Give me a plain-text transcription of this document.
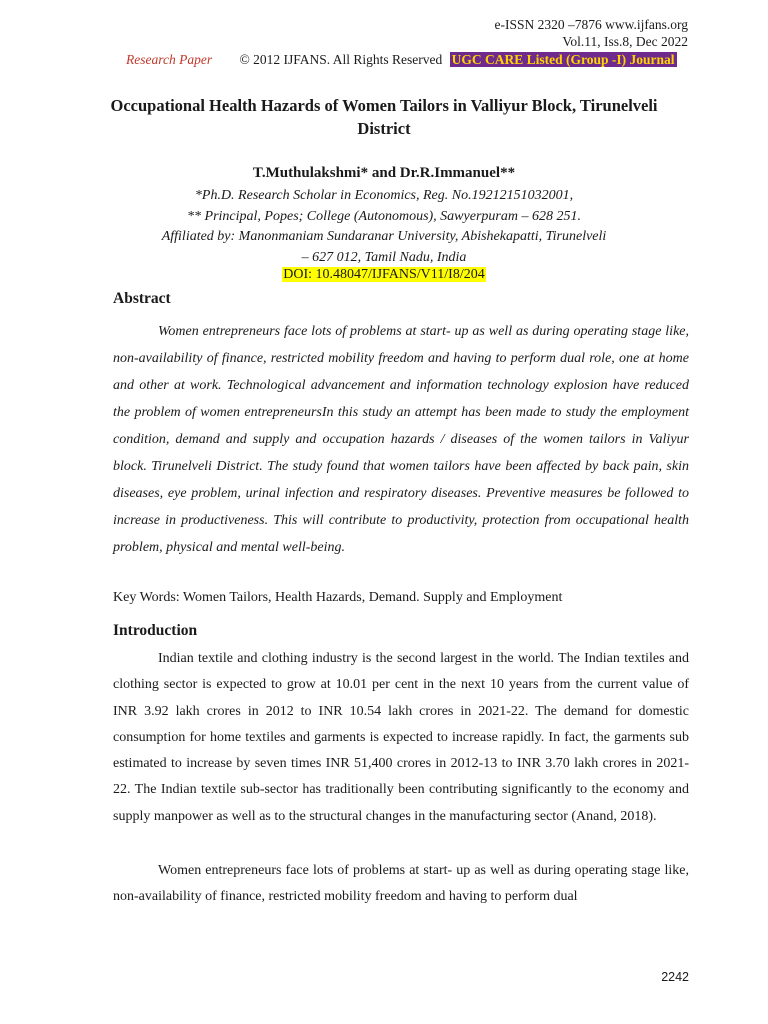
e-ISSN 2320 –7876 www.ijfans.org
Vol.11, Iss.8, Dec 2022
Research Paper © 2012 IJFANS. All Rights Reserved UGC CARE Listed (Group -I) Journal
Occupational Health Hazards of Women Tailors in Valliyur Block, Tirunelveli District
T.Muthulakshmi* and Dr.R.Immanuel**
*Ph.D. Research Scholar in Economics, Reg. No.19212151032001,
** Principal, Popes; College (Autonomous), Sawyerpuram – 628 251.
Affiliated by: Manonmaniam Sundaranar University, Abishekapatti, Tirunelveli
– 627 012, Tamil Nadu, India
DOI: 10.48047/IJFANS/V11/I8/204
Abstract

Women entrepreneurs face lots of problems at start- up as well as during operating stage like, non-availability of finance, restricted mobility freedom and having to perform dual role, one at home and other at work. Technological advancement and information technology explosion have reduced the problem of women entrepreneursIn this study an attempt has been made to study the employment condition, demand and supply and occupation hazards / diseases of the women tailors in Valiyur block. Tirunelveli District. The study found that women tailors have been affected by back pain, skin diseases, eye problem, urinal infection and respiratory diseases. Preventive measures be followed to increase in productiveness. This will contribute to productivity, protection from occupational health problem, physical and mental well-being.

Key Words: Women Tailors, Health Hazards, Demand. Supply and Employment
Introduction

Indian textile and clothing industry is the second largest in the world. The Indian textiles and clothing sector is expected to grow at 10.01 per cent in the next 10 years from the current value of INR 3.92 lakh crores in 2012 to INR 10.54 lakh crores in 2021-22. The demand for domestic consumption for home textiles and garments is expected to increase rapidly. In fact, the garments sub estimated to increase by seven times INR 51,400 crores in 2012-13 to INR 3.70 lakh crores in 2021-22. The Indian textile sub-sector has traditionally been contributing significantly to the economy and supply manpower as well as to the structural changes in the manufacturing sector (Anand, 2018).

Women entrepreneurs face lots of problems at start- up as well as during operating stage like, non-availability of finance, restricted mobility freedom and having to perform dual

2242
